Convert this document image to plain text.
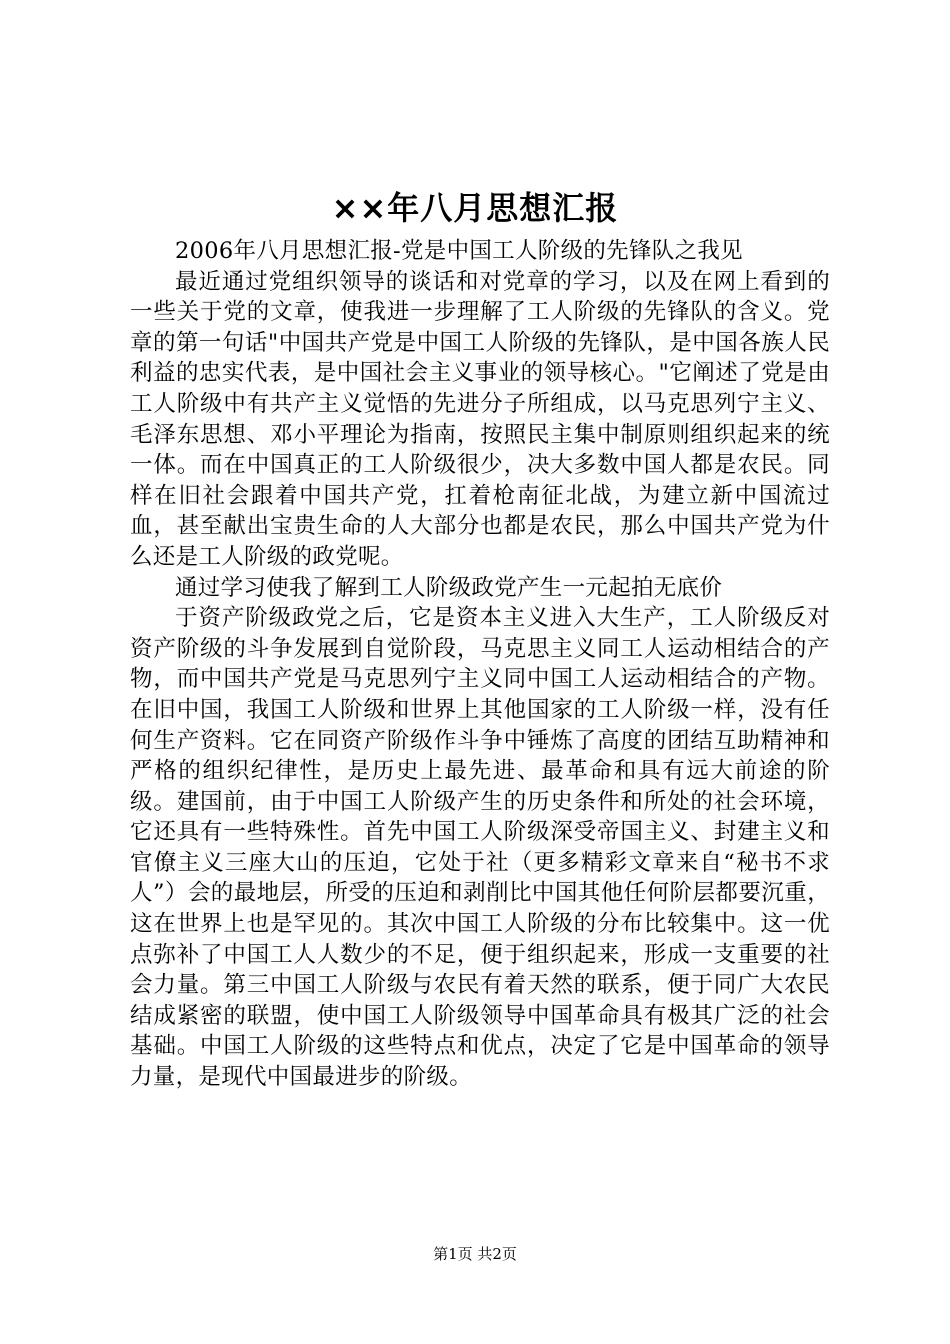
××年八月思想汇报

2006年八月思想汇报-党是中国工人阶级的先锋队之我见

最近通过党组织领导的谈话和对党章的学习，以及在网上看到的一些关于党的文章，使我进一步理解了工人阶级的先锋队的含义。党章的第一句话"中国共产党是中国工人阶级的先锋队，是中国各族人民利益的忠实代表，是中国社会主义事业的领导核心。"它阐述了党是由工人阶级中有共产主义觉悟的先进分子所组成，以马克思列宁主义、毛泽东思想、邓小平理论为指南，按照民主集中制原则组织起来的统一体。而在中国真正的工人阶级很少，决大多数中国人都是农民。同样在旧社会跟着中国共产党，扛着枪南征北战，为建立新中国流过血，甚至献出宝贵生命的人大部分也都是农民，那么中国共产党为什么还是工人阶级的政党呢。

通过学习使我了解到工人阶级政党产生一元起拍无底价

于资产阶级政党之后，它是资本主义进入大生产，工人阶级反对资产阶级的斗争发展到自觉阶段，马克思主义同工人运动相结合的产物，而中国共产党是马克思列宁主义同中国工人运动相结合的产物。在旧中国，我国工人阶级和世界上其他国家的工人阶级一样，没有任何生产资料。它在同资产阶级作斗争中锤炼了高度的团结互助精神和严格的组织纪律性，是历史上最先进、最革命和具有远大前途的阶级。建国前，由于中国工人阶级产生的历史条件和所处的社会环境，它还具有一些特殊性。首先中国工人阶级深受帝国主义、封建主义和官僚主义三座大山的压迫，它处于社（更多精彩文章来自“秘书不求人”）会的最地层，所受的压迫和剥削比中国其他任何阶层都要沉重，这在世界上也是罕见的。其次中国工人阶级的分布比较集中。这一优点弥补了中国工人人数少的不足，便于组织起来，形成一支重要的社会力量。第三中国工人阶级与农民有着天然的联系，便于同广大农民结成紧密的联盟，使中国工人阶级领导中国革命具有极其广泛的社会基础。中国工人阶级的这些特点和优点，决定了它是中国革命的领导力量，是现代中国最进步的阶级。

第1页 共2页
